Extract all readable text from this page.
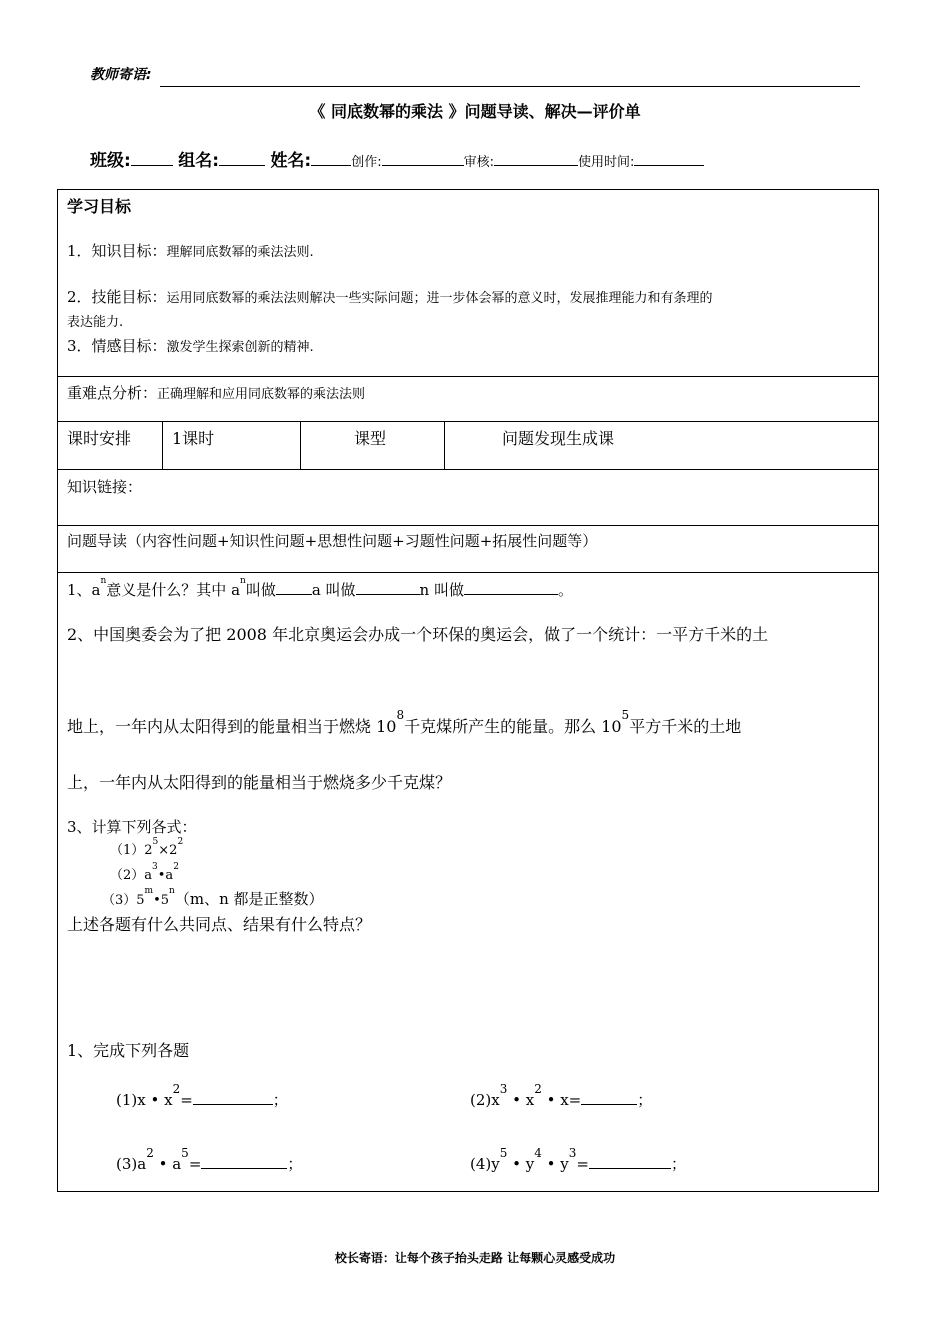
教师寄语:
《 同底数幂的乘法 》问题导读、解决—评价单
班级:	组名:	姓名:	创作:	审核:	使用时间:
学习目标
1．知识目标：理解同底数幂的乘法法则.
2．技能目标：运用同底数幂的乘法法则解决一些实际问题；进一步体会幂的意义时，发展推理能力和有条理的
表达能力.
3．情感目标：激发学生探索创新的精神.
重难点分析：正确理解和应用同底数幂的乘法法则
课时安排	1课时	课型	问题发现生成课
知识链接：
问题导读（内容性问题+知识性问题+思想性问题+习题性问题+拓展性问题等）
1、$a^n$意义是什么？其中 $a^n$叫做 a 叫做	n 叫做	。
2、中国奥委会为了把 2008 年北京奥运会办成一个环保的奥运会，做了一个统计：一平方千米的土
地上，一年内从太阳得到的能量相当于燃烧 $10^8$千克煤所产生的能量。那么 $10^5$平方千米的土地
上，一年内从太阳得到的能量相当于燃烧多少千克煤？
3、计算下列各式：
$(1)2^5\times 2^2$
$(2)a^3•a^2$
（3）5$^m$•5$^n$（m、n 都是正整数）
上述各题有什么共同点、结果有什么特点？
1、完成下列各题
(1)x • $x^2=$	；	$(2)x^3$ • $x^2$ • x=	；
$(3)a^2$ • $a^5=$	；	$(4)y^5$ • $y^4$ • $y^3=$	；
校长寄语：让每个孩子抬头走路 让每颗心灵感受成功
